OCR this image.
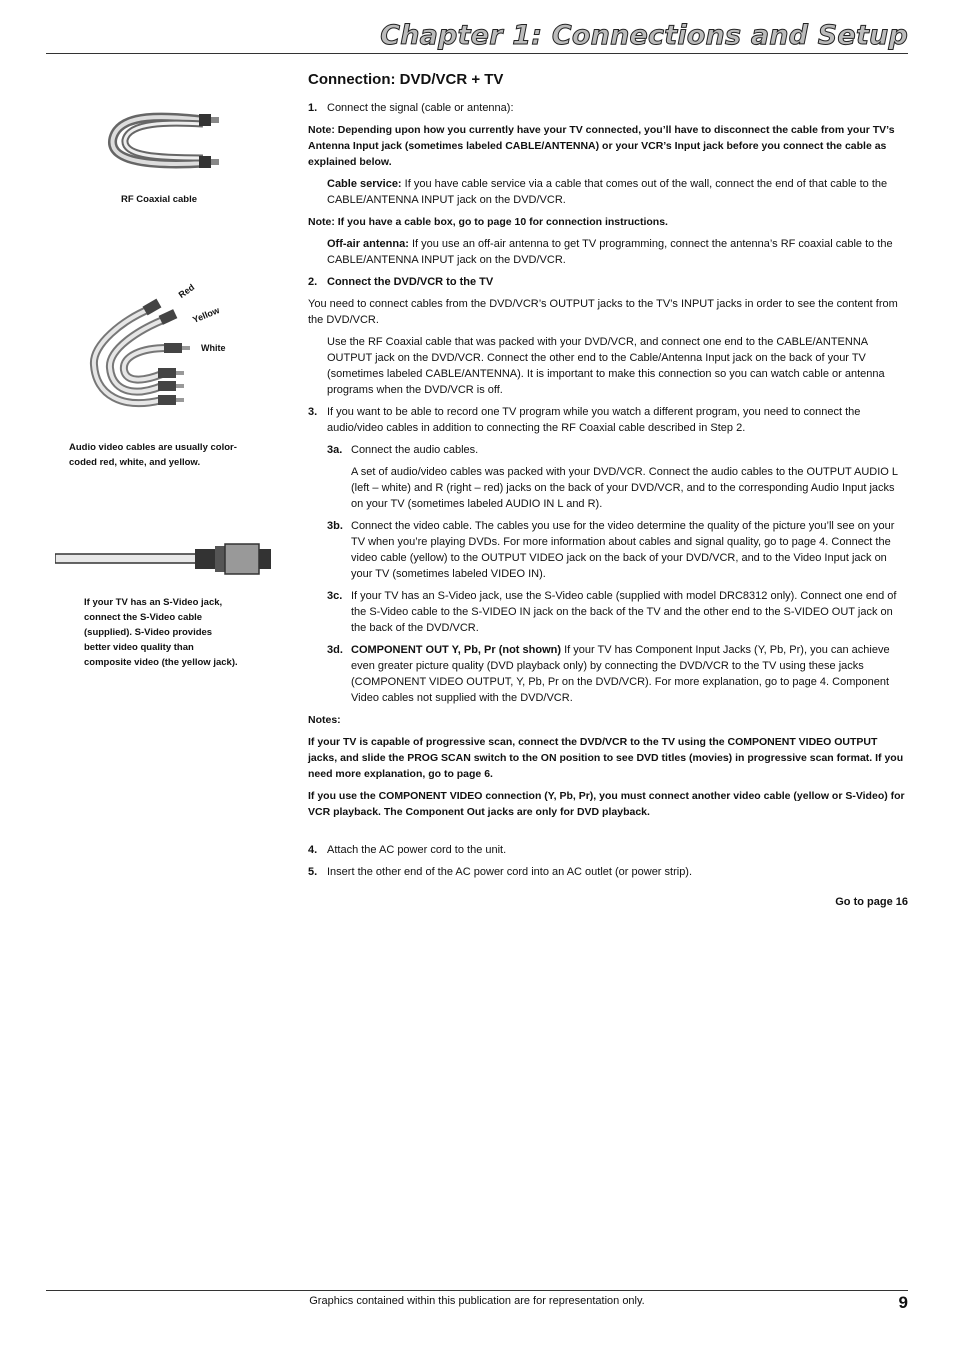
Chapter 1: Connections and Setup
RF Coaxial cable
Red
Yellow
White
Audio video cables are usually color-
coded red, white, and yellow.
If your TV has an S-Video jack,
connect the S-Video cable
(supplied). S-Video provides
better video quality than
composite video (the yellow jack).
Connection: DVD/VCR + TV
1. Connect the signal (cable or antenna):
Note: Depending upon how you currently have your TV connected, you’ll have to disconnect the cable from your TV’s Antenna Input jack (sometimes labeled CABLE/ANTENNA) or your VCR’s Input jack before you connect the cable as explained below.
Cable service: If you have cable service via a cable that comes out of the wall, connect the end of that cable to the CABLE/ANTENNA INPUT jack on the DVD/VCR.
Note: If you have a cable box, go to page 10 for connection instructions.
Off-air antenna: If you use an off-air antenna to get TV programming, connect the antenna’s RF coaxial cable to the CABLE/ANTENNA INPUT jack on the DVD/VCR.
2. Connect the DVD/VCR to the TV
You need to connect cables from the DVD/VCR’s OUTPUT jacks to the TV’s INPUT jacks in order to see the content from the DVD/VCR.
Use the RF Coaxial cable that was packed with your DVD/VCR, and connect one end to the CABLE/ANTENNA OUTPUT jack on the DVD/VCR. Connect the other end to the Cable/Antenna Input jack on the back of your TV (sometimes labeled CABLE/ANTENNA). It is important to make this connection so you can watch cable or antenna programs when the DVD/VCR is off.
3. If you want to be able to record one TV program while you watch a different program, you need to connect the audio/video cables in addition to connecting the RF Coaxial cable described in Step 2.
3a. Connect the audio cables.
A set of audio/video cables was packed with your DVD/VCR. Connect the audio cables to the OUTPUT AUDIO L (left – white) and R (right – red) jacks on the back of your DVD/VCR, and to the corresponding Audio Input jacks on your TV (sometimes labeled AUDIO IN L and R).
3b. Connect the video cable. The cables you use for the video determine the quality of the picture you’ll see on your TV when you’re playing DVDs. For more information about cables and signal quality, go to page 4. Connect the video cable (yellow) to the OUTPUT VIDEO jack on the back of your DVD/VCR, and to the Video Input jack on your TV (sometimes labeled VIDEO IN).
3c. If your TV has an S-Video jack, use the S-Video cable (supplied with model DRC8312 only). Connect one end of the S-Video cable to the S-VIDEO IN jack on the back of the TV and the other end to the S-VIDEO OUT jack on the back of the DVD/VCR.
3d. COMPONENT OUT Y, Pb, Pr (not shown) If your TV has Component Input Jacks (Y, Pb, Pr), you can achieve even greater picture quality (DVD playback only) by connecting the DVD/VCR to the TV using these jacks (COMPONENT VIDEO OUTPUT, Y, Pb, Pr on the DVD/VCR). For more explanation, go to page 4. Component Video cables not supplied with the DVD/VCR.
Notes:
If your TV is capable of progressive scan, connect the DVD/VCR to the TV using the COMPONENT VIDEO OUTPUT jacks, and slide the PROG SCAN switch to the ON position to see DVD titles (movies) in progressive scan format. If you need more explanation, go to page 6.
If you use the COMPONENT VIDEO connection (Y, Pb, Pr), you must connect another video cable (yellow or S-Video) for VCR playback. The Component Out jacks are only for DVD playback.
4. Attach the AC power cord to the unit.
5. Insert the other end of the AC power cord into an AC outlet (or power strip).
Go to page 16
Graphics contained within this publication are for representation only.	9
